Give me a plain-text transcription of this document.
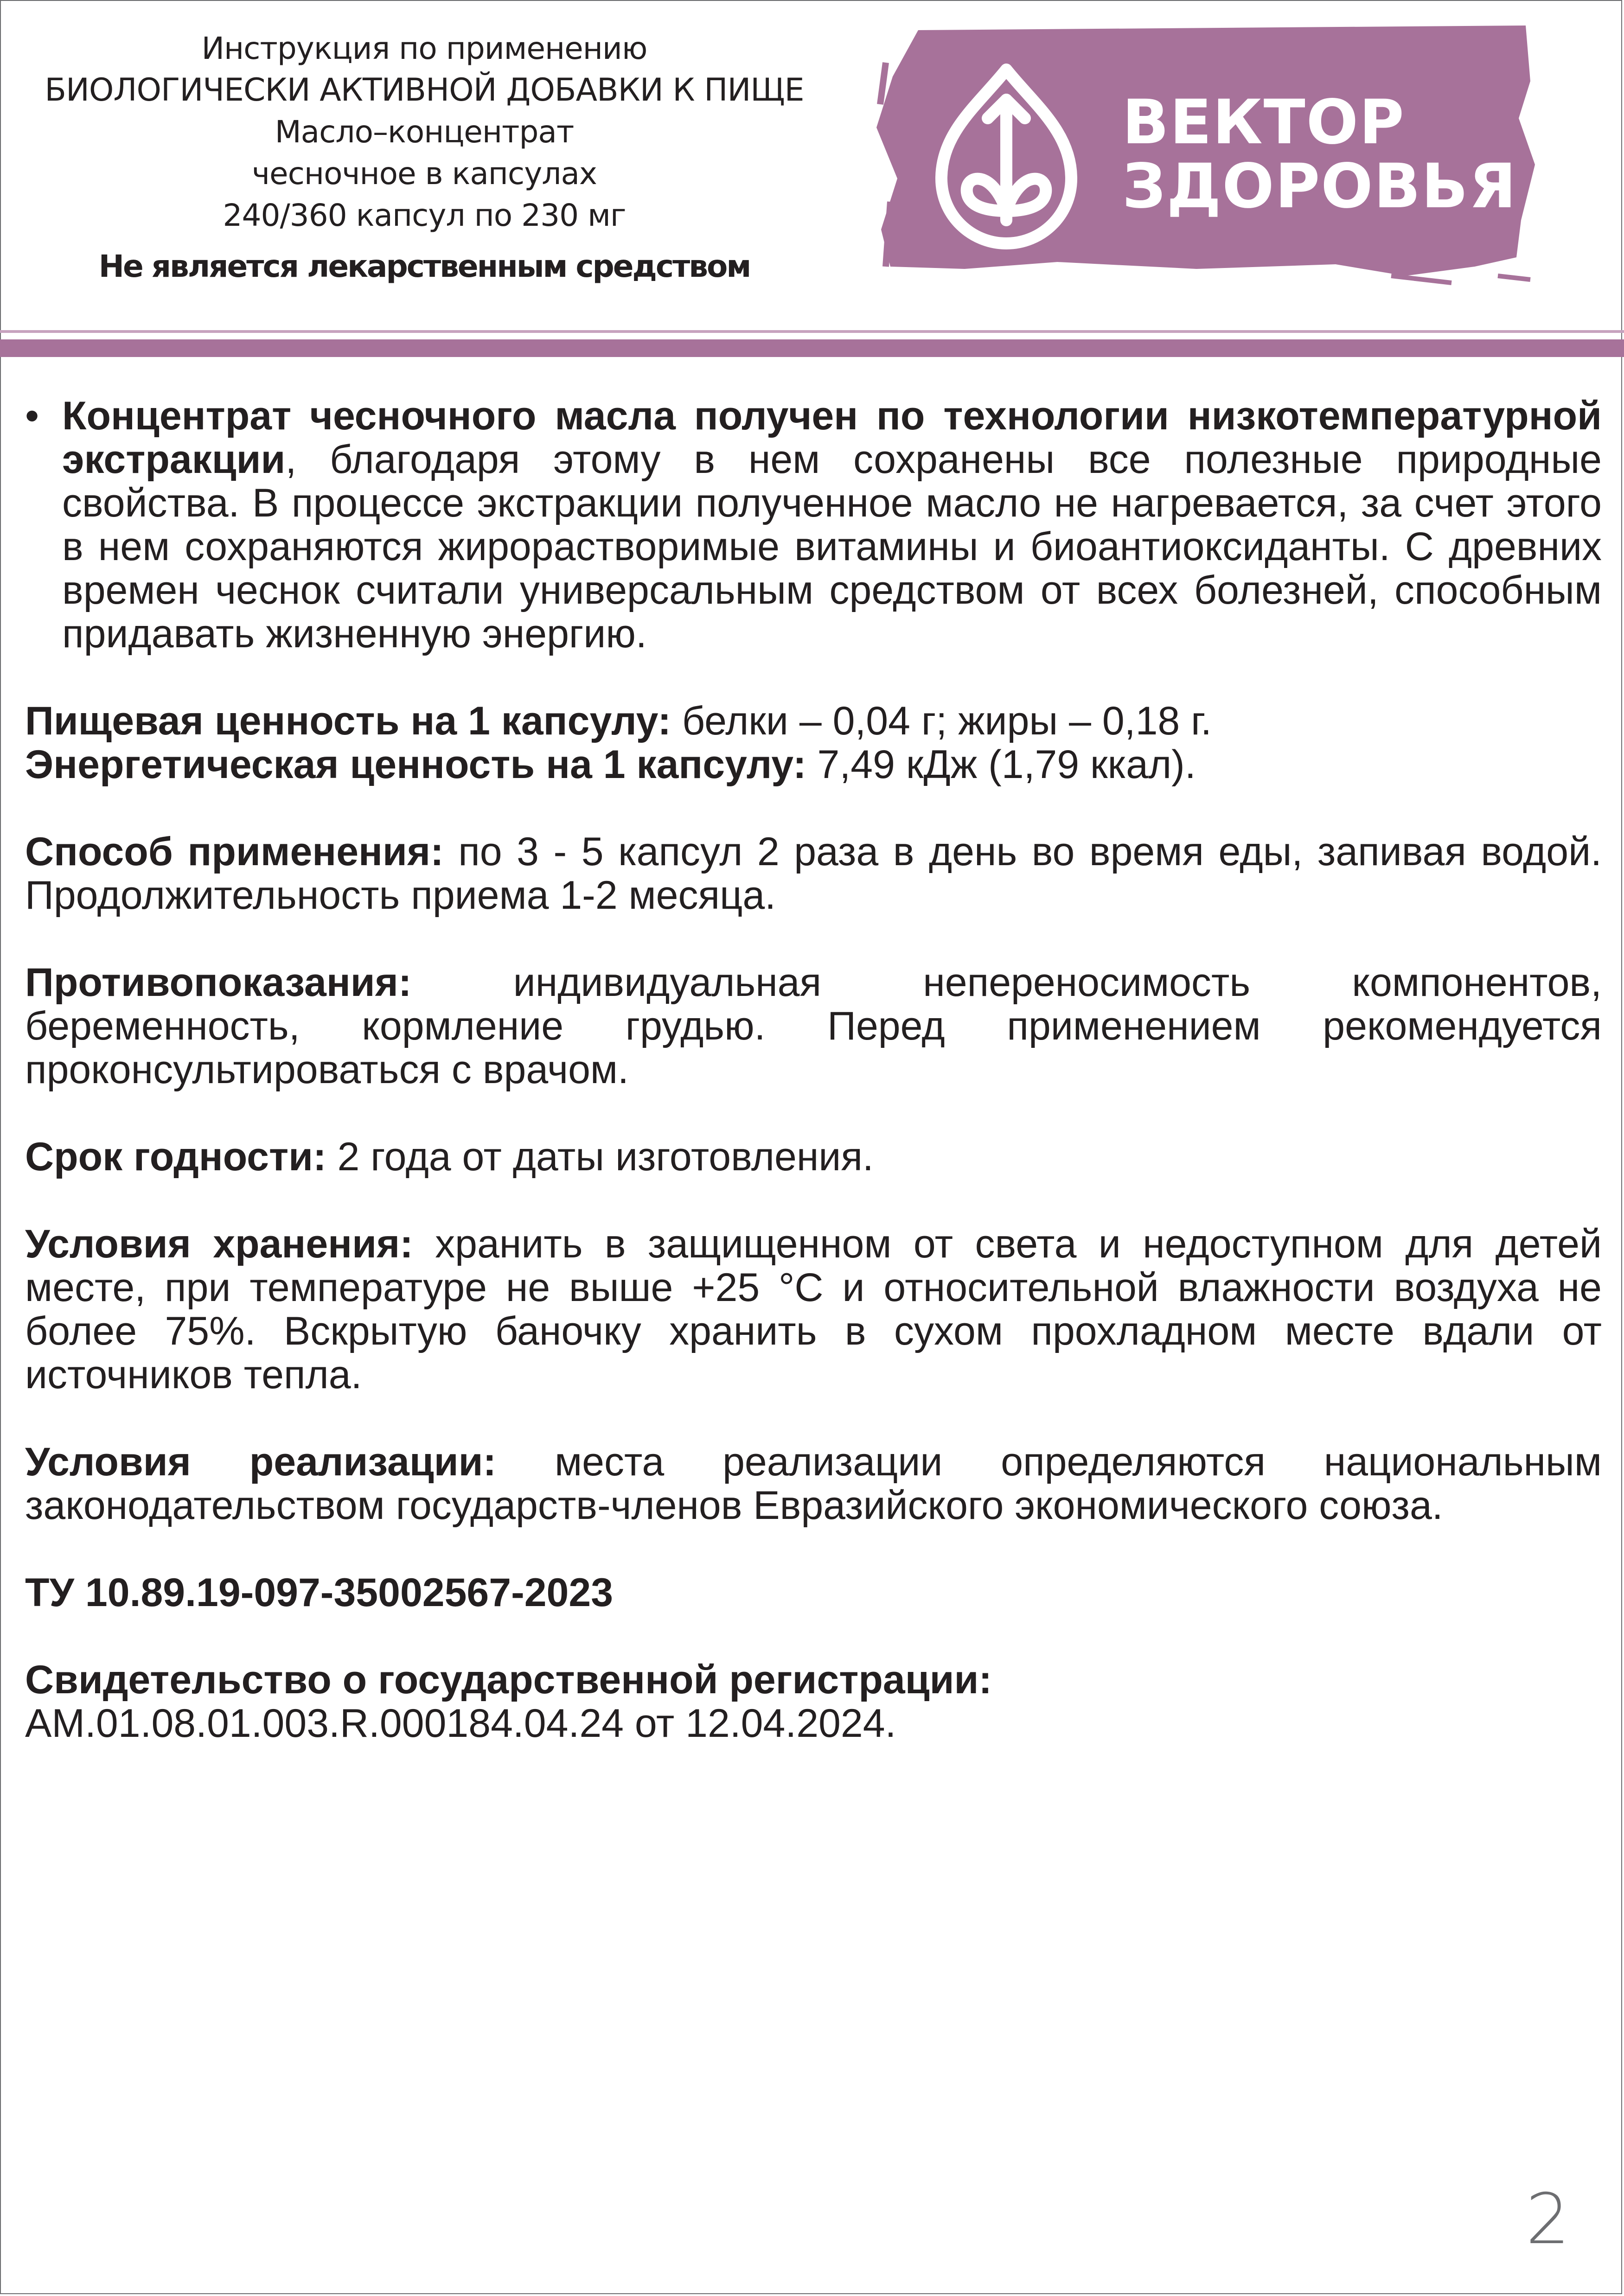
Инструкция по применению
БИОЛОГИЧЕСКИ АКТИВНОЙ ДОБАВКИ К ПИЩЕ
Масло–концентрат
чесночное в капсулах
240/360 капсул по 230 мг
Не является лекарственным средством
ВЕКТОР
ЗДОРОВЬЯ

• Концентрат чесночного масла получен по технологии низкотемпературной экстракции, благодаря этому в нем сохранены все полезные природные свойства. В процессе экстракции полученное масло не нагревается, за счет этого в нем сохраняются жирорастворимые витамины и биоантиоксиданты. С древних времен чеснок считали универсальным средством от всех болезней, способным придавать жизненную энергию.

Пищевая ценность на 1 капсулу: белки – 0,04 г; жиры – 0,18 г.
Энергетическая ценность на 1 капсулу: 7,49 кДж (1,79 ккал).

Способ применения: по 3 - 5 капсул 2 раза в день во время еды, запивая водой. Продолжительность приема 1-2 месяца.

Противопоказания: индивидуальная непереносимость компонентов, беременность, кормление грудью. Перед применением рекомендуется проконсультироваться с врачом.

Срок годности: 2 года от даты изготовления.

Условия хранения: хранить в защищенном от света и недоступном для детей месте, при температуре не выше +25 °С и относительной влажности воздуха не более 75%. Вскрытую баночку хранить в сухом прохладном месте вдали от источников тепла.

Условия реализации: места реализации определяются национальным законодательством государств-членов Евразийского экономического союза.

ТУ 10.89.19-097-35002567-2023

Свидетельство о государственной регистрации:
AM.01.08.01.003.R.000184.04.24 от 12.04.2024.

2
